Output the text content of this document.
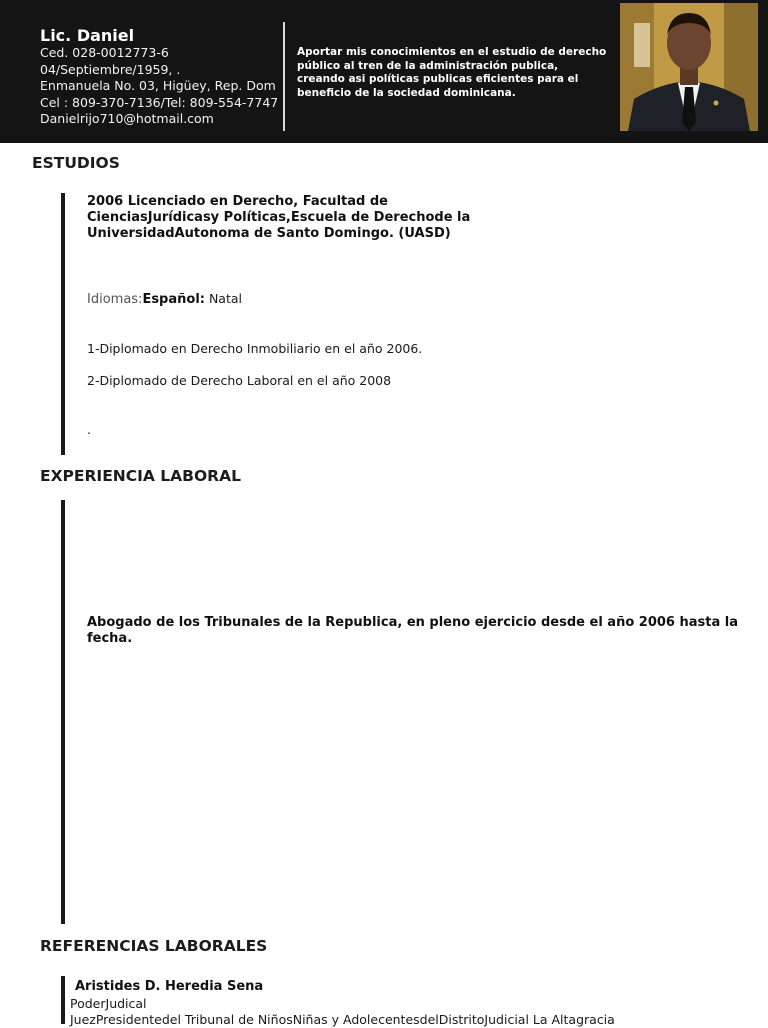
Lic. Daniel
Ced. 028-0012773-6
04/Septiembre/1959, .
Enmanuela No. 03, Higüey, Rep. Dom
Cel : 809-370-7136/Tel: 809-554-7747
Danielrijo710@hotmail.com
Aportar mis conocimientos en el estudio de derecho público al tren de la administración publica, creando asi políticas publicas eficientes para el beneficio de la sociedad dominicana.
ESTUDIOS
2006 Licenciado en Derecho, Facultad de
CienciasJurídicasy Políticas,Escuela de Derechode la
UniversidadAutonoma de Santo Domingo. (UASD)
Idiomas:Español: Natal
1-Diplomado en Derecho Inmobiliario en el año 2006.
2-Diplomado de Derecho Laboral en el año 2008
.
EXPERIENCIA LABORAL
Abogado de los Tribunales de la Republica, en pleno ejercicio desde el año 2006 hasta la
fecha.
REFERENCIAS LABORALES
Aristides D. Heredia Sena
PoderJudical
JuezPresidentedel Tribunal de NiñosNiñas y AdolecentesdelDistritoJudicial La Altagracia
